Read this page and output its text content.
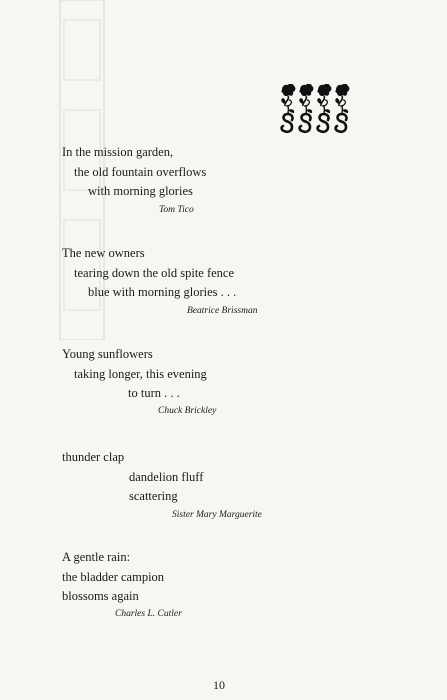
In the mission garden,
the old fountain overflows
with morning glories
Tom Tico
The new owners
tearing down the old spite fence
blue with morning glories . . .
Beatrice Brissman
Young sunflowers
taking longer, this evening
to turn . . .
Chuck Brickley
thunder clap
dandelion fluff
scattering
Sister Mary Marguerite
A gentle rain:
the bladder campion
blossoms again
Charles L. Cutler
10
